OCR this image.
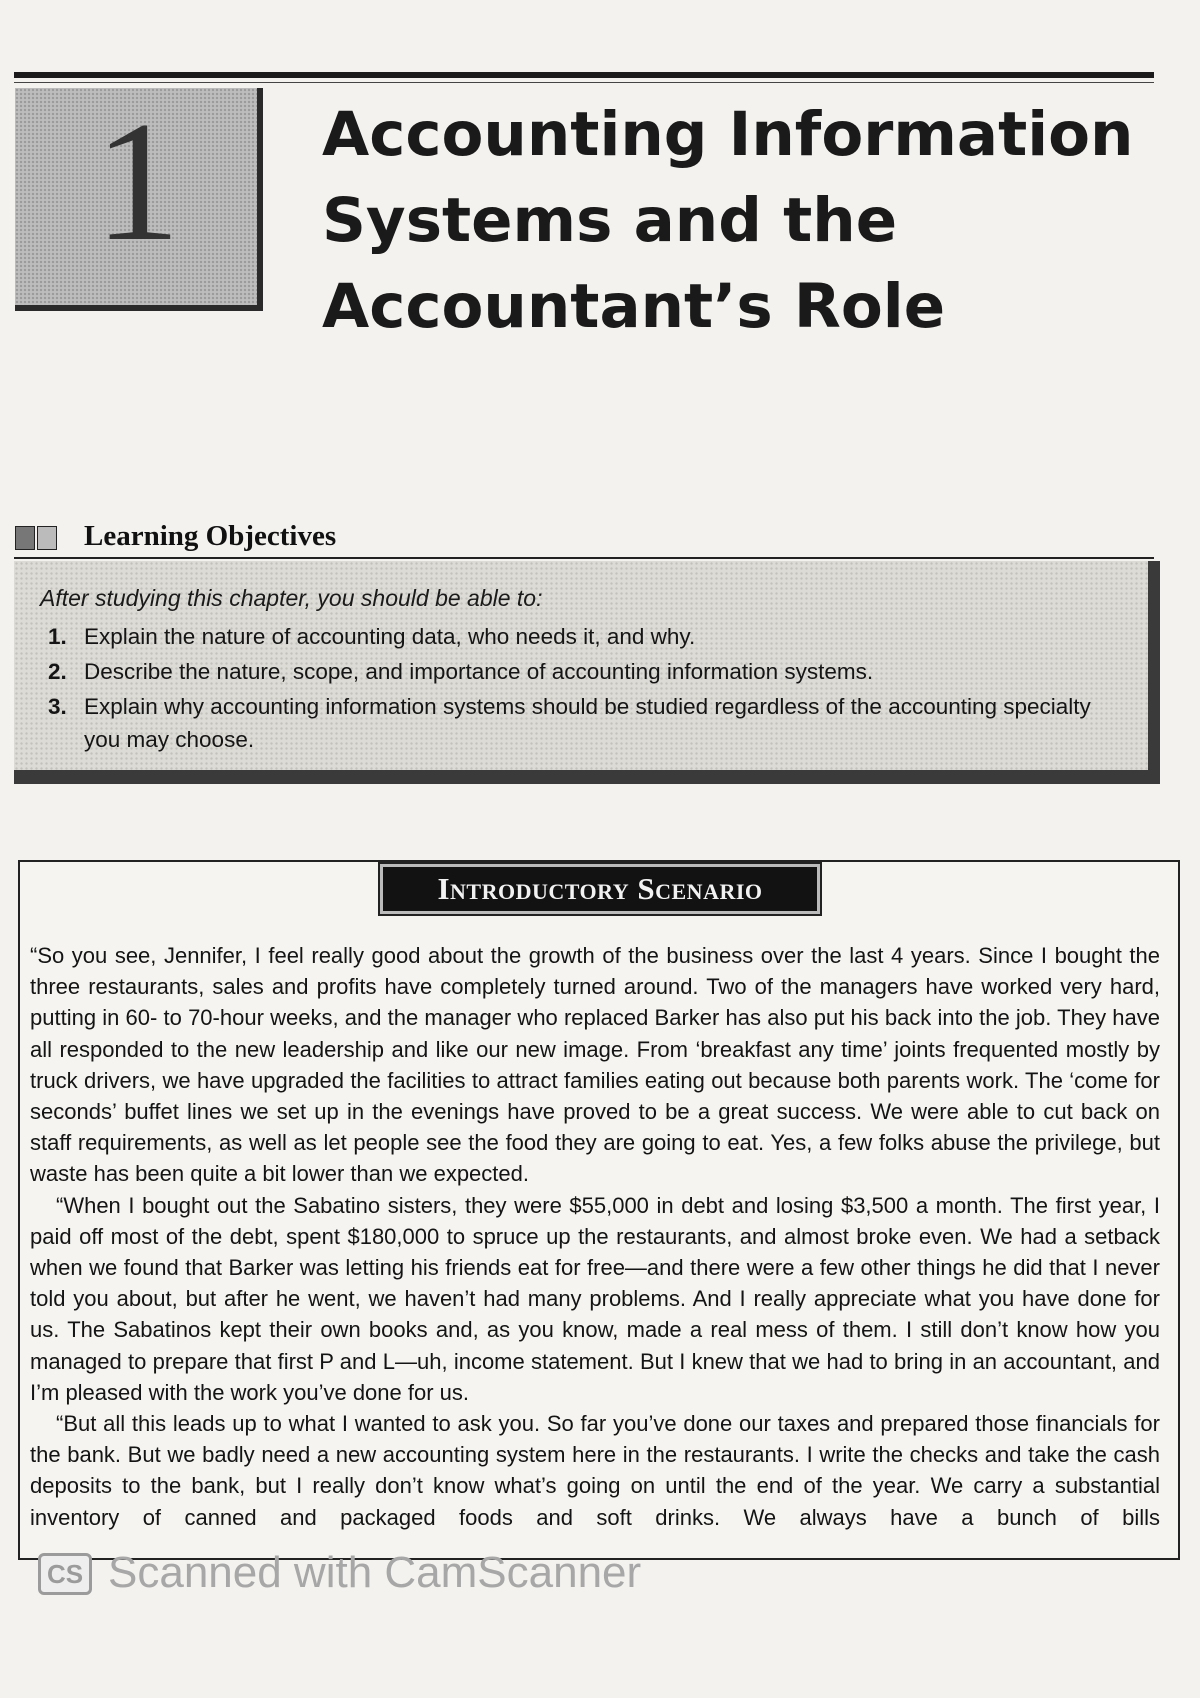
1	Accounting Information Systems and the Accountant’s Role
Learning Objectives

After studying this chapter, you should be able to:

1. Explain the nature of accounting data, who needs it, and why.
2. Describe the nature, scope, and importance of accounting information systems.
3. Explain why accounting information systems should be studied regardless of the accounting specialty you may choose.
Introductory Scenario

“So you see, Jennifer, I feel really good about the growth of the business over the last 4 years. Since I bought the three restaurants, sales and profits have completely turned around. Two of the managers have worked very hard, putting in 60- to 70-hour weeks, and the manager who replaced Barker has also put his back into the job. They have all responded to the new leadership and like our new image. From ‘breakfast any time’ joints frequented mostly by truck drivers, we have upgraded the facilities to attract families eating out because both parents work. The ‘come for seconds’ buffet lines we set up in the evenings have proved to be a great success. We were able to cut back on staff requirements, as well as let people see the food they are going to eat. Yes, a few folks abuse the privilege, but waste has been quite a bit lower than we expected.

“When I bought out the Sabatino sisters, they were $55,000 in debt and losing $3,500 a month. The first year, I paid off most of the debt, spent $180,000 to spruce up the restaurants, and almost broke even. We had a setback when we found that Barker was letting his friends eat for free—and there were a few other things he did that I never told you about, but after he went, we haven’t had many problems. And I really appreciate what you have done for us. The Sabatinos kept their own books and, as you know, made a real mess of them. I still don’t know how you managed to prepare that first P and L—uh, income statement. But I knew that we had to bring in an accountant, and I’m pleased with the work you’ve done for us.

“But all this leads up to what I wanted to ask you. So far you’ve done our taxes and prepared those financials for the bank. But we badly need a new accounting system here in the restaurants. I write the checks and take the cash deposits to the bank, but I really don’t know what’s going on until the end of the year. We carry a substantial inventory of canned and packaged foods and soft drinks. We always have a bunch of bills

CS Scanned with CamScanner
